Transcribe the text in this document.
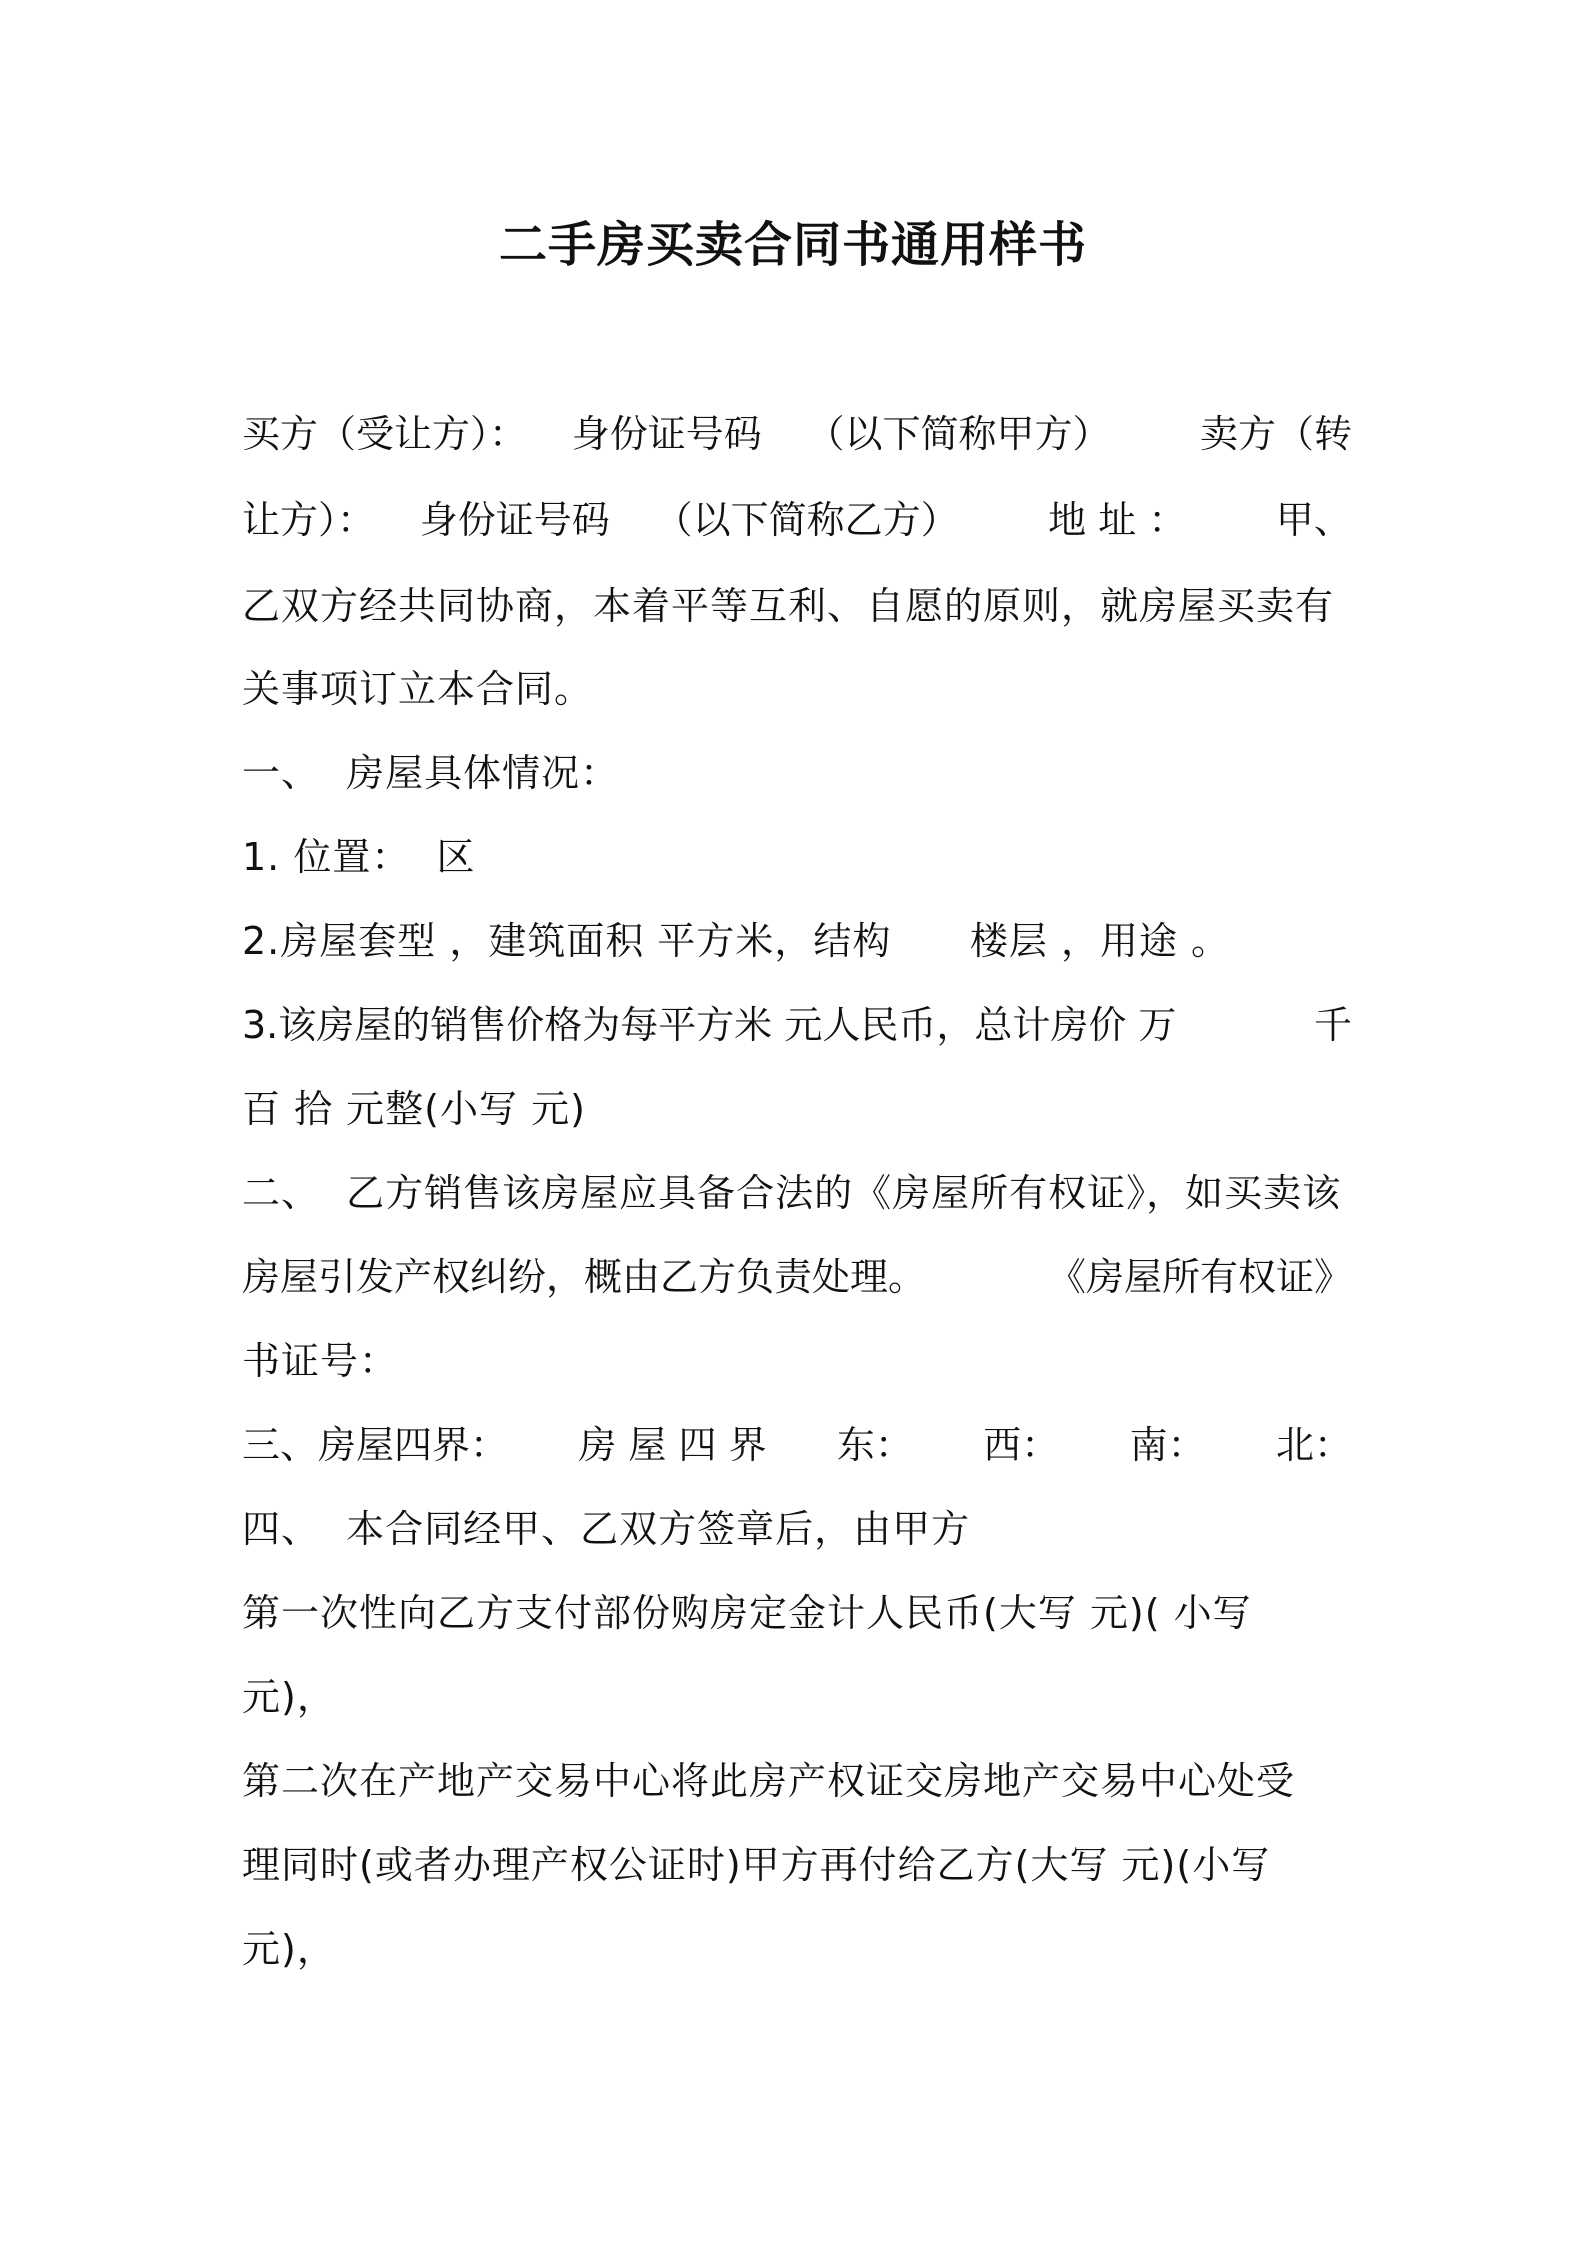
二手房买卖合同书通用样书
买方（受让方）： 身份证号码 （以下简称甲方） 卖方（转
让方）： 身份证号码 （以下简称乙方） 地 址 ： 甲、
乙双方经共同协商，本着平等互利、自愿的原则，就房屋买卖有
关事项订立本合同。
一、  房屋具体情况：
1. 位置：  区
2.房屋套型 ，建筑面积 平方米，结构      楼层 ，用途 。
3.该房屋的销售价格为每平方米 元人民币，总计房价 万	千
百 拾 元整(小写 元)
二、  乙方销售该房屋应具备合法的《房屋所有权证》，如买卖该
房屋引发产权纠纷，概由乙方负责处理。	《房屋所有权证》
书证号：
三、房屋四界： 房 屋 四 界 东： 西： 南： 北：
四、  本合同经甲、乙双方签章后，由甲方
第一次性向乙方支付部份购房定金计人民币(大写 元)( 小写
元)，
第二次在产地产交易中心将此房产权证交房地产交易中心处受
理同时(或者办理产权公证时)甲方再付给乙方(大写 元)(小写
元)，
